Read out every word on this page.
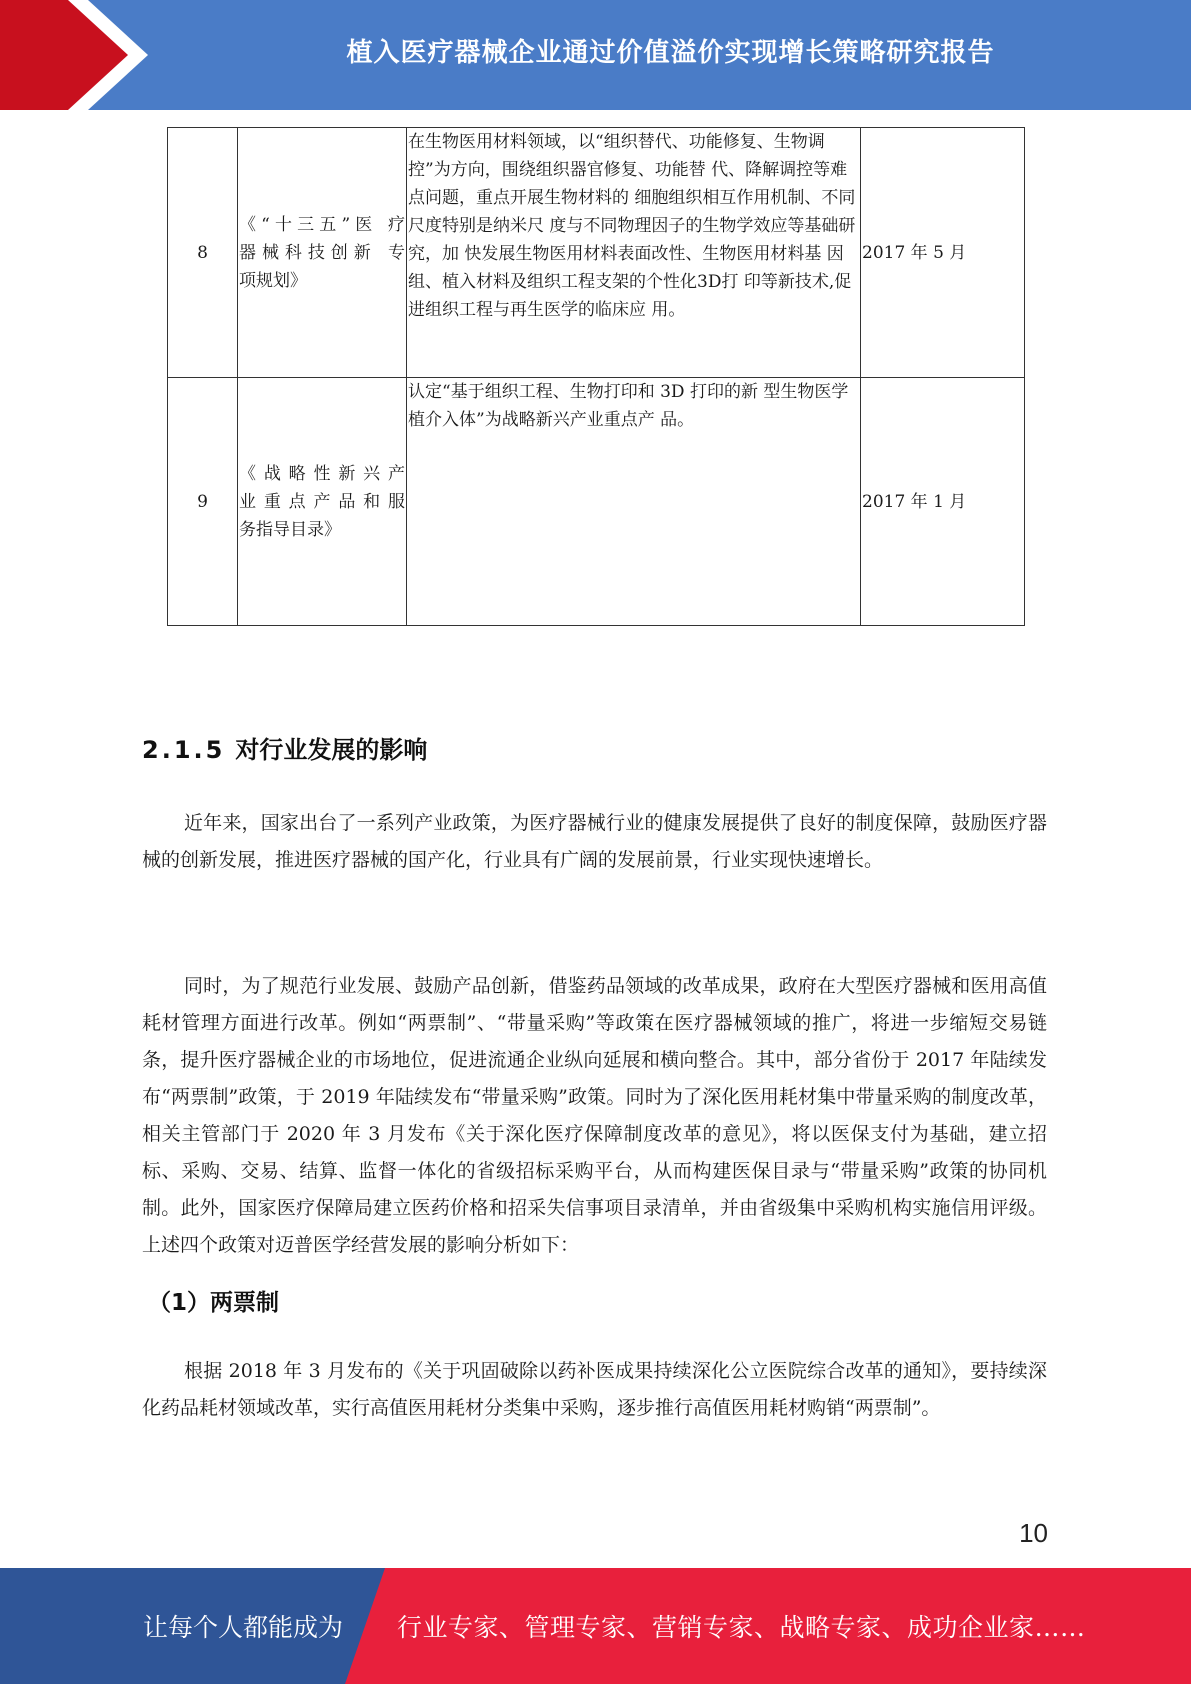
植入医疗器械企业通过价值溢价实现增长策略研究报告
8	《“十三五”医 疗
器械科技创新 专
项规划》	在生物医用材料领域，以“组织替代、功能修复、生物调控”为方向，围绕组织器官修复、功能替 代、降解调控等难点问题，重点开展生物材料的 细胞组织相互作用机制、不同尺度特别是纳米尺 度与不同物理因子的生物学效应等基础研究，加 快发展生物医用材料表面改性、生物医用材料基 因组、植入材料及组织工程支架的个性化3D打 印等新技术,促进组织工程与再生医学的临床应 用。	2017 年 5 月
9	《战略性新兴产
业重点产品和服
务指导目录》	认定“基于组织工程、生物打印和 3D 打印的新 型生物医学植介入体”为战略新兴产业重点产 品。	2017 年 1 月
2.1.5 对行业发展的影响

近年来，国家出台了一系列产业政策，为医疗器械行业的健康发展提供了良好的制度保障，鼓励医疗器械的创新发展，推进医疗器械的国产化，行业具有广阔的发展前景，行业实现快速增长。

同时，为了规范行业发展、鼓励产品创新，借鉴药品领域的改革成果，政府在大型医疗器械和医用高值耗材管理方面进行改革。例如“两票制”、“带量采购”等政策在医疗器械领域的推广，将进一步缩短交易链条，提升医疗器械企业的市场地位，促进流通企业纵向延展和横向整合。其中，部分省份于 2017 年陆续发布“两票制”政策，于 2019 年陆续发布“带量采购”政策。同时为了深化医用耗材集中带量采购的制度改革，相关主管部门于 2020 年 3 月发布《关于深化医疗保障制度改革的意见》，将以医保支付为基础，建立招标、采购、交易、结算、监督一体化的省级招标采购平台，从而构建医保目录与“带量采购”政策的协同机制。此外，国家医疗保障局建立医药价格和招采失信事项目录清单，并由省级集中采购机构实施信用评级。上述四个政策对迈普医学经营发展的影响分析如下：

（1）两票制

根据 2018 年 3 月发布的《关于巩固破除以药补医成果持续深化公立医院综合改革的通知》，要持续深化药品耗材领域改革，实行高值医用耗材分类集中采购，逐步推行高值医用耗材购销“两票制”。

10
让每个人都能成为 行业专家、管理专家、营销专家、战略专家、成功企业家……
